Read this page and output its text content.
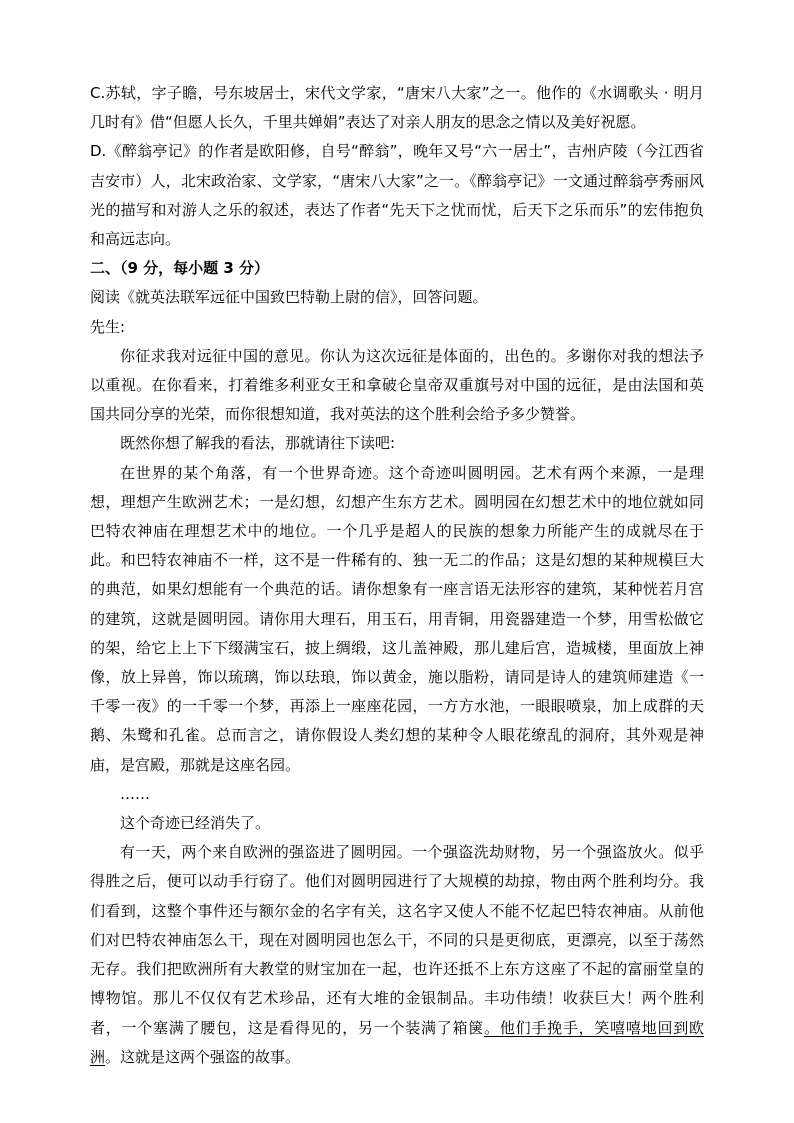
C.苏轼，字子瞻，号东坡居士，宋代文学家，“唐宋八大家”之一。他作的《水调歌头 · 明月几时有》借“但愿人长久，千里共婵娟”表达了对亲人朋友的思念之情以及美好祝愿。

D.《醉翁亭记》的作者是欧阳修，自号“醉翁”，晚年又号“六一居士”，吉州庐陵（今江西省吉安市）人，北宋政治家、文学家，“唐宋八大家”之一。《醉翁亭记》一文通过醉翁亭秀丽风光的描写和对游人之乐的叙述，表达了作者“先天下之忧而忧，后天下之乐而乐”的宏伟抱负和高远志向。

二、（9 分，每小题 3 分）

阅读《就英法联军远征中国致巴特勒上尉的信》，回答问题。

先生:

你征求我对远征中国的意见。你认为这次远征是体面的，出色的。多谢你对我的想法予以重视。在你看来，打着维多利亚女王和拿破仑皇帝双重旗号对中国的远征，是由法国和英国共同分享的光荣，而你很想知道，我对英法的这个胜利会给予多少赞誉。

既然你想了解我的看法，那就请往下读吧:

在世界的某个角落，有一个世界奇迹。这个奇迹叫圆明园。艺术有两个来源，一是理想，理想产生欧洲艺术；一是幻想，幻想产生东方艺术。圆明园在幻想艺术中的地位就如同巴特农神庙在理想艺术中的地位。一个几乎是超人的民族的想象力所能产生的成就尽在于此。和巴特农神庙不一样，这不是一件稀有的、独一无二的作品；这是幻想的某种规模巨大的典范，如果幻想能有一个典范的话。请你想象有一座言语无法形容的建筑，某种恍若月宫的建筑，这就是圆明园。请你用大理石，用玉石，用青铜，用瓷器建造一个梦，用雪松做它的架，给它上上下下缀满宝石，披上绸缎，这儿盖神殿，那儿建后宫，造城楼，里面放上神像，放上异兽，饰以琉璃，饰以珐琅，饰以黄金，施以脂粉，请同是诗人的建筑师建造《一千零一夜》的一千零一个梦，再添上一座座花园，一方方水池，一眼眼喷泉，加上成群的天鹅、朱鹭和孔雀。总而言之，请你假设人类幻想的某种令人眼花缭乱的洞府，其外观是神庙，是宫殿，那就是这座名园。

……

这个奇迹已经消失了。

有一天，两个来自欧洲的强盗进了圆明园。一个强盗洗劫财物，另一个强盗放火。似乎得胜之后，便可以动手行窃了。他们对圆明园进行了大规模的劫掠，物由两个胜利均分。我们看到，这整个事件还与额尔金的名字有关，这名字又使人不能不忆起巴特农神庙。从前他们对巴特农神庙怎么干，现在对圆明园也怎么干，不同的只是更彻底，更漂亮，以至于荡然无存。我们把欧洲所有大教堂的财宝加在一起，也许还抵不上东方这座了不起的富丽堂皇的博物馆。那儿不仅仅有艺术珍品，还有大堆的金银制品。丰功伟绩！收获巨大！两个胜利者，一个塞满了腰包，这是看得见的，另一个装满了箱箧。他们手挽手，笑嘻嘻地回到欧洲。这就是这两个强盗的故事。
